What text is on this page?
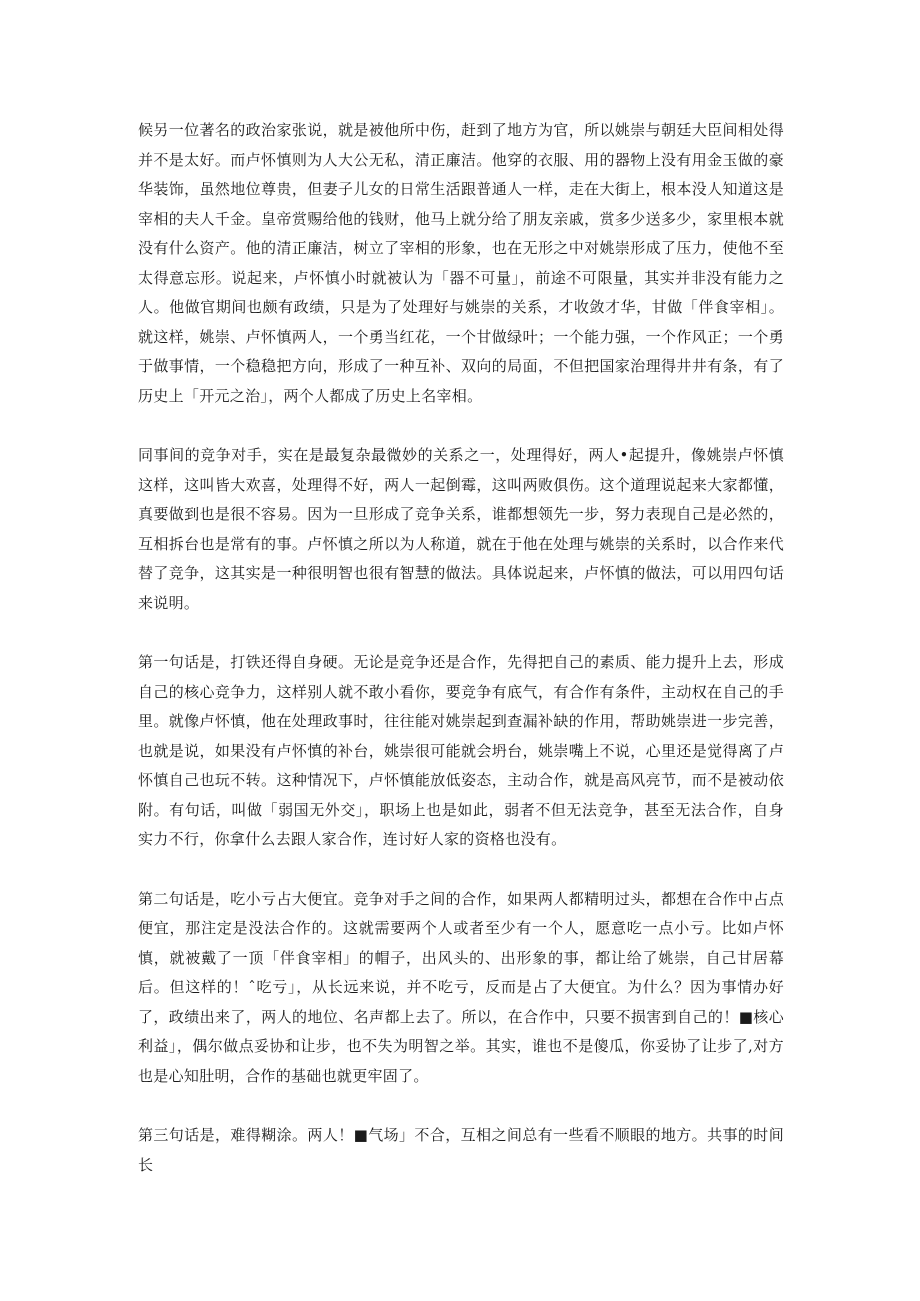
候另一位著名的政治家张说，就是被他所中伤，赶到了地方为官，所以姚崇与朝廷大臣间相处得并不是太好。而卢怀慎则为人大公无私，清正廉洁。他穿的衣服、用的器物上没有用金玉做的豪华装饰，虽然地位尊贵，但妻子儿女的日常生活跟普通人一样，走在大街上，根本没人知道这是宰相的夫人千金。皇帝赏赐给他的钱财，他马上就分给了朋友亲戚，赏多少送多少，家里根本就没有什么资产。他的清正廉洁，树立了宰相的形象，也在无形之中对姚崇形成了压力，使他不至太得意忘形。说起来，卢怀慎小时就被认为「器不可量」，前途不可限量，其实并非没有能力之人。他做官期间也颇有政绩，只是为了处理好与姚崇的关系，才收敛才华，甘做「伴食宰相」。就这样，姚崇、卢怀慎两人，一个勇当红花，一个甘做绿叶；一个能力强，一个作风正；一个勇于做事情，一个稳稳把方向，形成了一种互补、双向的局面，不但把国家治理得井井有条，有了历史上「开元之治」，两个人都成了历史上名宰相。

同事间的竞争对手，实在是最复杂最微妙的关系之一，处理得好，两人•起提升，像姚崇卢怀慎这样，这叫皆大欢喜，处理得不好，两人一起倒霉，这叫两败俱伤。这个道理说起来大家都懂，真要做到也是很不容易。因为一旦形成了竞争关系，谁都想领先一步，努力表现自己是必然的，互相拆台也是常有的事。卢怀慎之所以为人称道，就在于他在处理与姚崇的关系时，以合作来代替了竞争，这其实是一种很明智也很有智慧的做法。具体说起来，卢怀慎的做法，可以用四句话来说明。

第一句话是，打铁还得自身硬。无论是竞争还是合作，先得把自己的素质、能力提升上去，形成自己的核心竞争力，这样别人就不敢小看你，要竞争有底气，有合作有条件，主动权在自己的手里。就像卢怀慎，他在处理政事时，往往能对姚崇起到查漏补缺的作用，帮助姚崇进一步完善，也就是说，如果没有卢怀慎的补台，姚崇很可能就会坍台，姚崇嘴上不说，心里还是觉得离了卢怀慎自己也玩不转。这种情况下，卢怀慎能放低姿态，主动合作，就是高风亮节，而不是被动依附。有句话，叫做「弱国无外交」，职场上也是如此，弱者不但无法竞争，甚至无法合作，自身实力不行，你拿什么去跟人家合作，连讨好人家的资格也没有。

第二句话是，吃小亏占大便宜。竞争对手之间的合作，如果两人都精明过头，都想在合作中占点便宜，那注定是没法合作的。这就需要两个人或者至少有一个人，愿意吃一点小亏。比如卢怀慎，就被戴了一顶「伴食宰相」的帽子，出风头的、出形象的事，都让给了姚崇，自己甘居幕后。但这样的！ˆ吃亏」，从长远来说，并不吃亏，反而是占了大便宜。为什么？因为事情办好了，政绩出来了，两人的地位、名声都上去了。所以，在合作中，只要不损害到自己的！■核心利益」，偶尔做点妥协和让步，也不失为明智之举。其实，谁也不是傻瓜，你妥协了让步了,对方也是心知肚明，合作的基础也就更牢固了。

第三句话是，难得糊涂。两人！■气场」不合，互相之间总有一些看不顺眼的地方。共事的时间长
